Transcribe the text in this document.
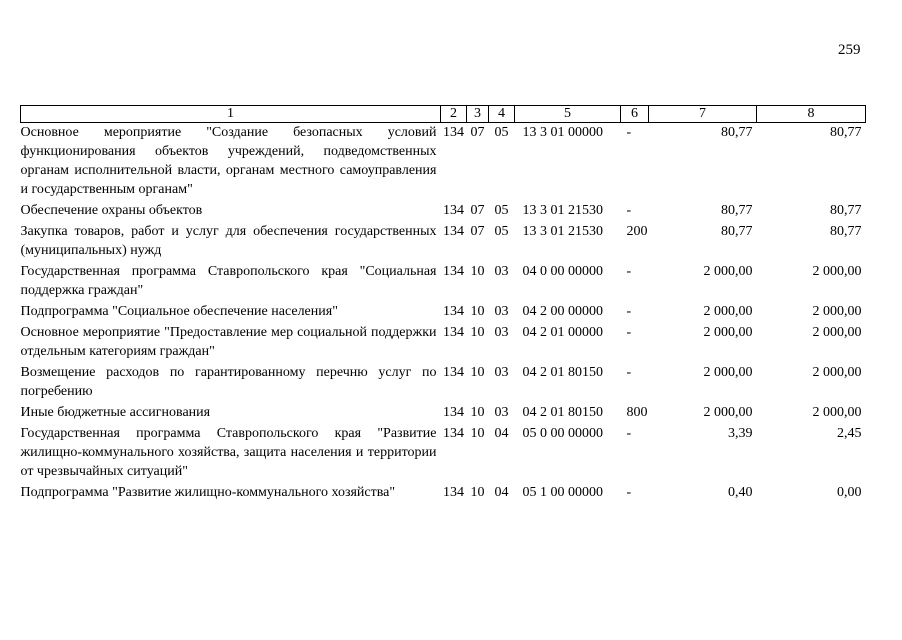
259
1	2	3	4	5	6	7	8
Основное мероприятие "Создание безопасных условий функционирования объектов учреждений, подведомственных органам исполнительной власти, органам местного самоуправления и государственным органам"	134	07	05	13 3 01 00000	-	80,77	80,77
Обеспечение охраны объектов	134	07	05	13 3 01 21530	-	80,77	80,77
Закупка товаров, работ и услуг для обеспечения государственных (муниципальных) нужд	134	07	05	13 3 01 21530	200	80,77	80,77
Государственная программа Ставропольского края "Социальная поддержка граждан"	134	10	03	04 0 00 00000	-	2 000,00	2 000,00
Подпрограмма "Социальное обеспечение населения"	134	10	03	04 2 00 00000	-	2 000,00	2 000,00
Основное мероприятие "Предоставление мер социальной поддержки отдельным категориям граждан"	134	10	03	04 2 01 00000	-	2 000,00	2 000,00
Возмещение расходов по гарантированному перечню услуг по погребению	134	10	03	04 2 01 80150	-	2 000,00	2 000,00
Иные бюджетные ассигнования	134	10	03	04 2 01 80150	800	2 000,00	2 000,00
Государственная программа Ставропольского края "Развитие жилищно-коммунального хозяйства, защита населения и территории от чрезвычайных ситуаций"	134	10	04	05 0 00 00000	-	3,39	2,45
Подпрограмма "Развитие жилищно-коммунального хозяйства"	134	10	04	05 1 00 00000	-	0,40	0,00
